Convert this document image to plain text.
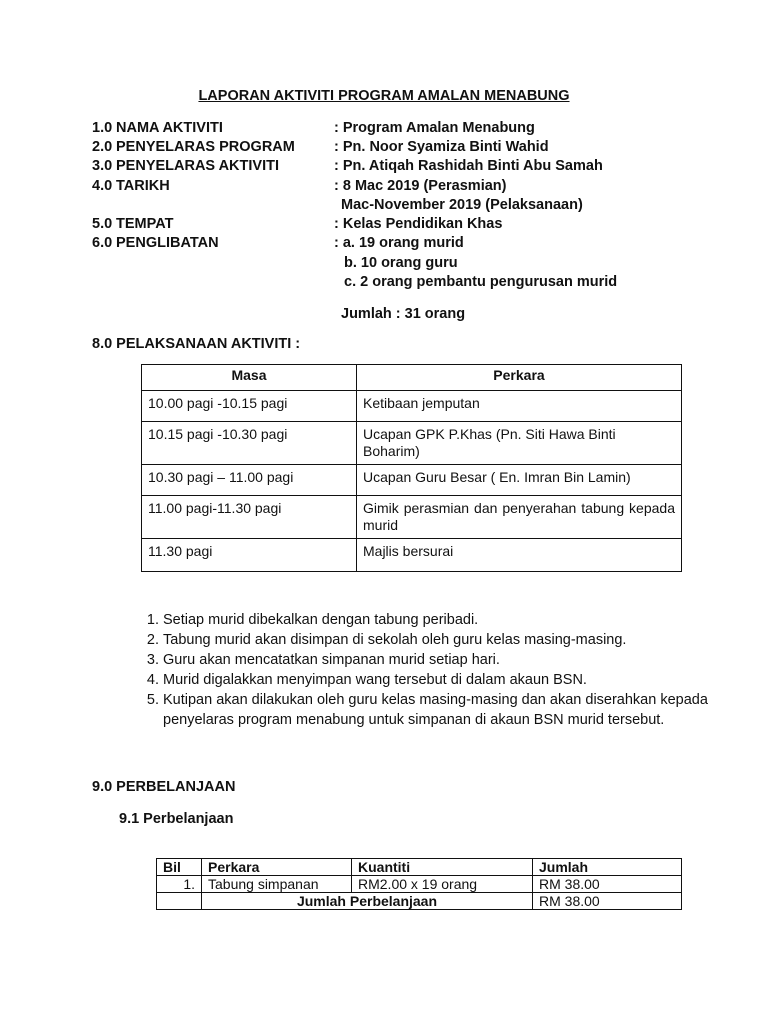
LAPORAN AKTIVITI PROGRAM AMALAN MENABUNG
1.0 NAMA AKTIVITI	: Program Amalan Menabung
2.0 PENYELARAS PROGRAM	: Pn. Noor Syamiza Binti Wahid
3.0 PENYELARAS AKTIVITI	: Pn. Atiqah Rashidah Binti Abu Samah
4.0 TARIKH	: 8 Mac 2019 (Perasmian)
Mac-November 2019 (Pelaksanaan)
5.0 TEMPAT	: Kelas Pendidikan Khas
6.0 PENGLIBATAN	: a. 19 orang murid
b. 10 orang guru
c. 2 orang pembantu pengurusan murid
Jumlah : 31 orang
8.0 PELAKSANAAN AKTIVITI :
Masa	Perkara
10.00 pagi -10.15 pagi	Ketibaan jemputan
10.15 pagi -10.30 pagi	Ucapan GPK P.Khas (Pn. Siti Hawa Binti Boharim)
10.30 pagi – 11.00 pagi	Ucapan Guru Besar ( En. Imran Bin Lamin)
11.00 pagi-11.30 pagi	Gimik perasmian dan penyerahan tabung kepada murid
11.30 pagi	Majlis bersurai
1. Setiap murid dibekalkan dengan tabung peribadi.
2. Tabung murid akan disimpan di sekolah oleh guru kelas masing-masing.
3. Guru akan mencatatkan simpanan murid setiap hari.
4. Murid digalakkan menyimpan wang tersebut di dalam akaun BSN.
5. Kutipan akan dilakukan oleh guru kelas masing-masing dan akan diserahkan kepada penyelaras program menabung untuk simpanan di akaun BSN murid tersebut.
9.0 PERBELANJAAN
9.1 Perbelanjaan
Bil	Perkara	Kuantiti	Jumlah
1.	Tabung simpanan	RM2.00 x 19 orang	RM 38.00
	Jumlah Perbelanjaan		RM 38.00
